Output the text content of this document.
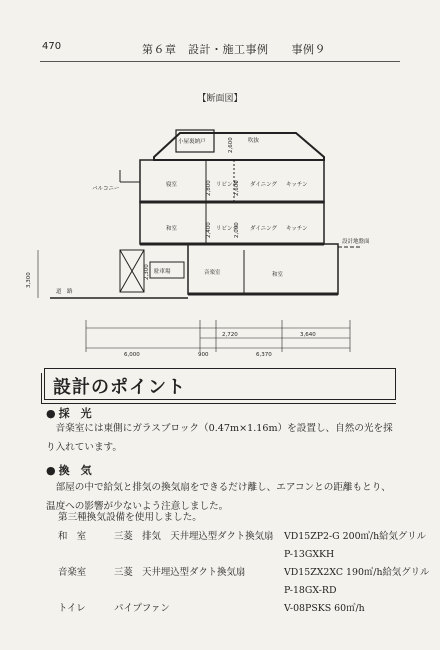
470	第６章　設計・施工事例　　事例９
【断面図】
小屋裏納戸	吹抜
寝室	リビング ダイニング キッチン
和室	リビング ダイニング キッチン
駐車場	音楽室	和室
バルコニー
道　路
設計地盤面
2,720	3,640
6,000	900	6,370
3,300
2,600
2,800	2,600
2,400	2,000
2,300
設計のポイント
● 採　光

音楽室には東側にガラスブロック（0.47m×1.16m）を設置し、自然の光を採り入れています。

● 換　気

部屋の中で給気と排気の換気扇をできるだけ離し、エアコンとの距離もとり、温度への影響が少ないよう注意しました。

第三種換気設備を使用しました。

和　室	三菱　排気　天井埋込型ダクト換気扇	VD15ZP2-G 200㎥/h給気グリルP-13GXKH
音楽室	三菱　天井埋込型ダクト換気扇	VD15ZX2XC 190㎥/h給気グリルP-18GX-RD
トイレ	パイプファン	V-08PSKS 60㎥/h
